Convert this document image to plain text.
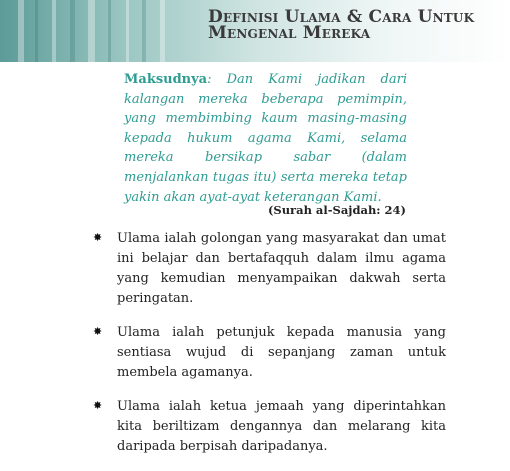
Definisi Ulama & Cara Untuk
Mengenal Mereka
Maksudnya: Dan Kami jadikan dari kalangan mereka beberapa pemimpin, yang membimbing kaum masing-masing kepada hukum agama Kami, selama mereka bersikap sabar (dalam menjalankan tugas itu) serta mereka tetap yakin akan ayat-ayat keterangan Kami.
(Surah al-Sajdah: 24)
✸ Ulama ialah golongan yang masyarakat dan umat ini belajar dan bertafaqquh dalam ilmu agama yang kemudian menyampaikan dakwah serta peringatan.
✸ Ulama ialah petunjuk kepada manusia yang sentiasa wujud di sepanjang zaman untuk membela agamanya.
✸ Ulama ialah ketua jemaah yang diperintahkan kita beriltizam dengannya dan melarang kita daripada berpisah daripadanya.
